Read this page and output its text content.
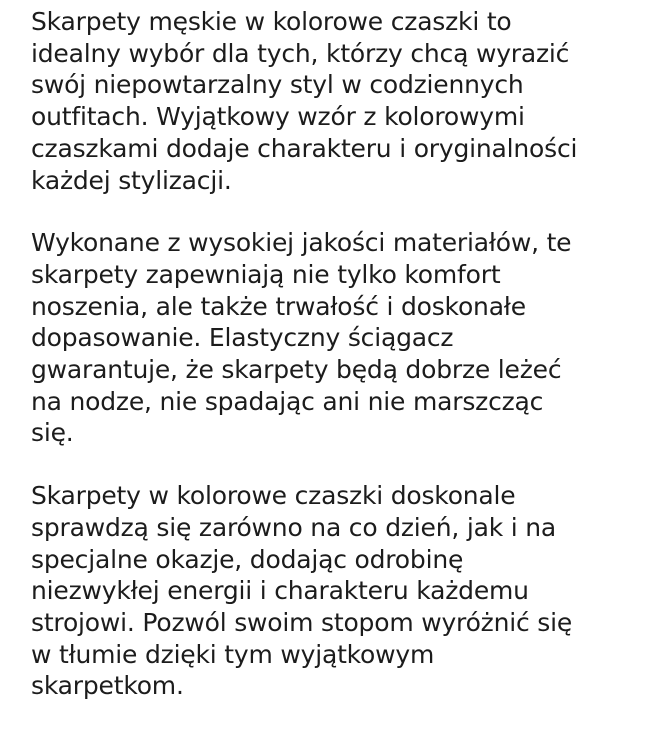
Skarpety męskie w kolorowe czaszki to
idealny wybór dla tych, którzy chcą wyrazić
swój niepowtarzalny styl w codziennych
outfitach. Wyjątkowy wzór z kolorowymi
czaszkami dodaje charakteru i oryginalności
każdej stylizacji.

Wykonane z wysokiej jakości materiałów, te
skarpety zapewniają nie tylko komfort
noszenia, ale także trwałość i doskonałe
dopasowanie. Elastyczny ściągacz
gwarantuje, że skarpety będą dobrze leżeć
na nodze, nie spadając ani nie marszcząc
się.

Skarpety w kolorowe czaszki doskonale
sprawdzą się zarówno na co dzień, jak i na
specjalne okazje, dodając odrobinę
niezwykłej energii i charakteru każdemu
strojowi. Pozwól swoim stopom wyróżnić się
w tłumie dzięki tym wyjątkowym
skarpetkom.
